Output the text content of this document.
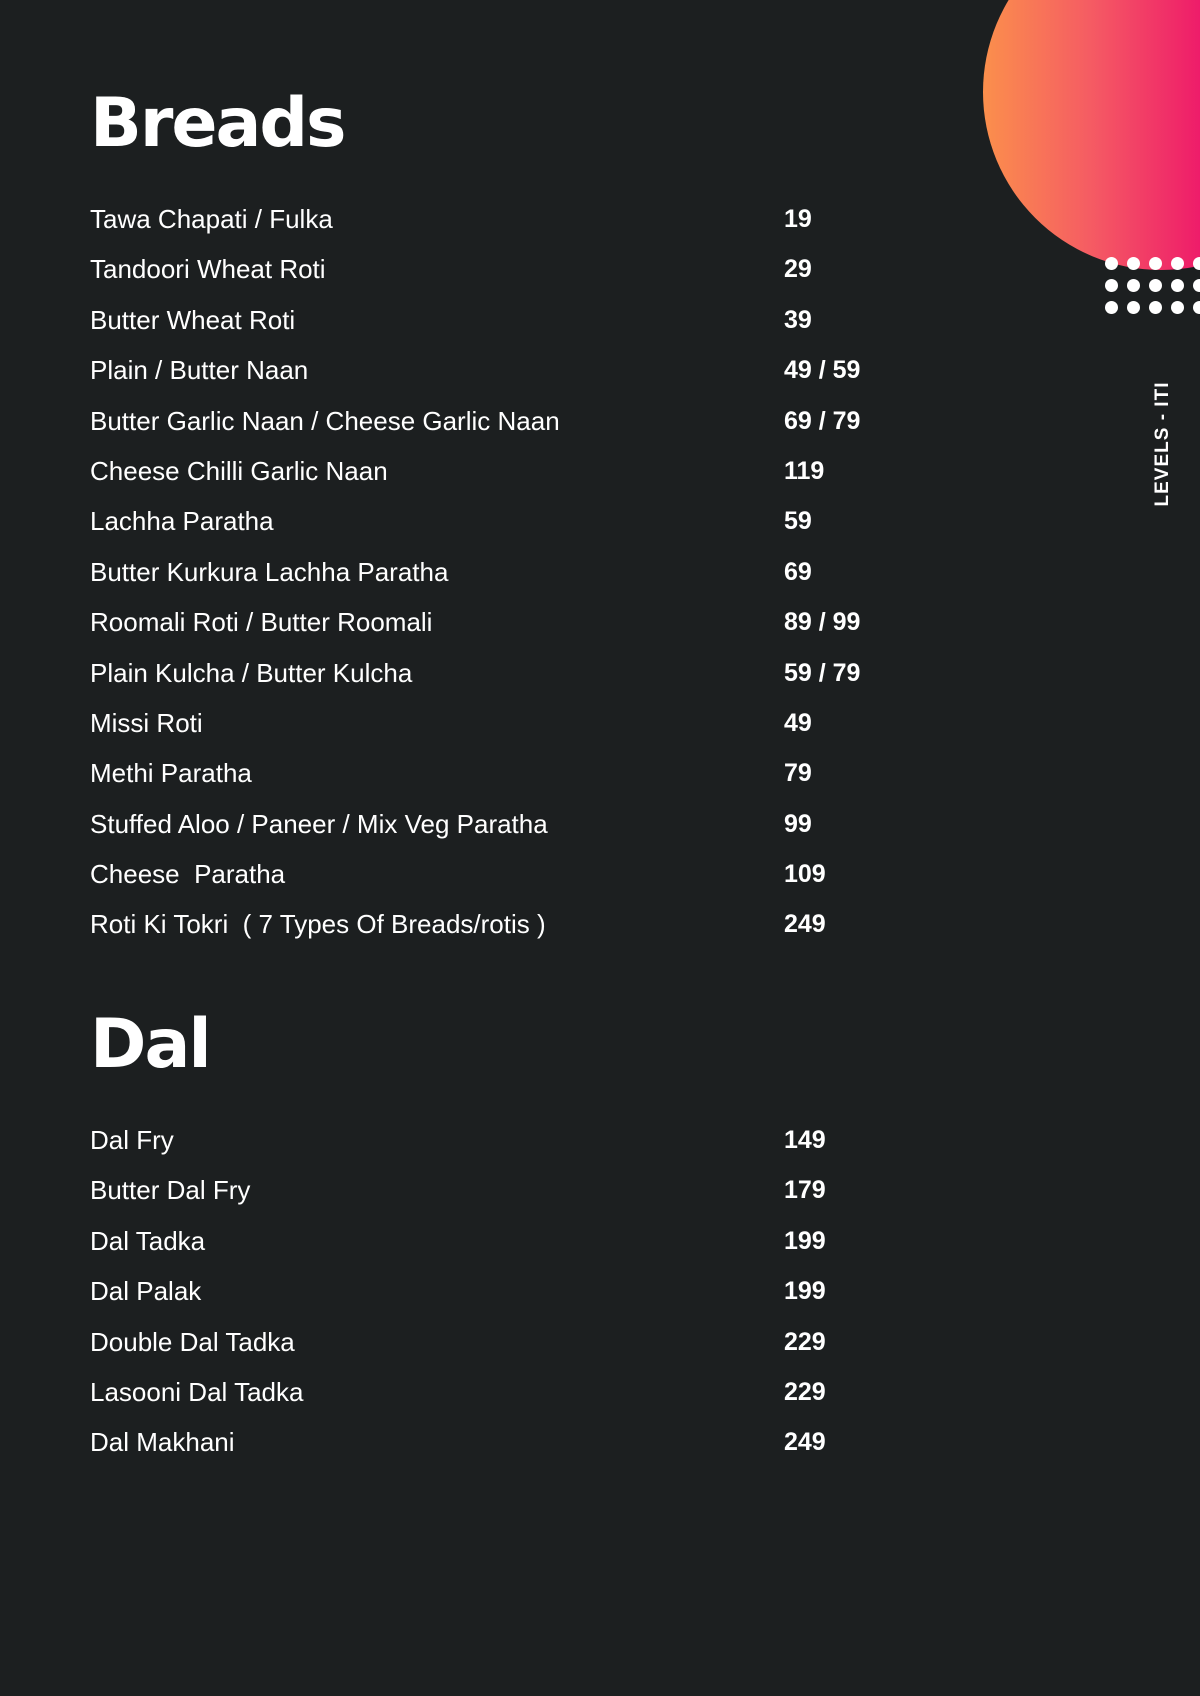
LEVELS - ITI
Breads
Tawa Chapati / Fulka	19
Tandoori Wheat Roti	29
Butter Wheat Roti	39
Plain / Butter Naan	49 / 59
Butter Garlic Naan / Cheese Garlic Naan	69 / 79
Cheese Chilli Garlic Naan	119
Lachha Paratha	59
Butter Kurkura Lachha Paratha	69
Roomali Roti / Butter Roomali	89 / 99
Plain Kulcha / Butter Kulcha	59 / 79
Missi Roti	49
Methi Paratha	79
Stuffed Aloo / Paneer / Mix Veg Paratha	99
Cheese  Paratha	109
Roti Ki Tokri  ( 7 Types Of Breads/rotis )	249
Dal
Dal Fry	149
Butter Dal Fry	179
Dal Tadka	199
Dal Palak	199
Double Dal Tadka	229
Lasooni Dal Tadka	229
Dal Makhani	249
